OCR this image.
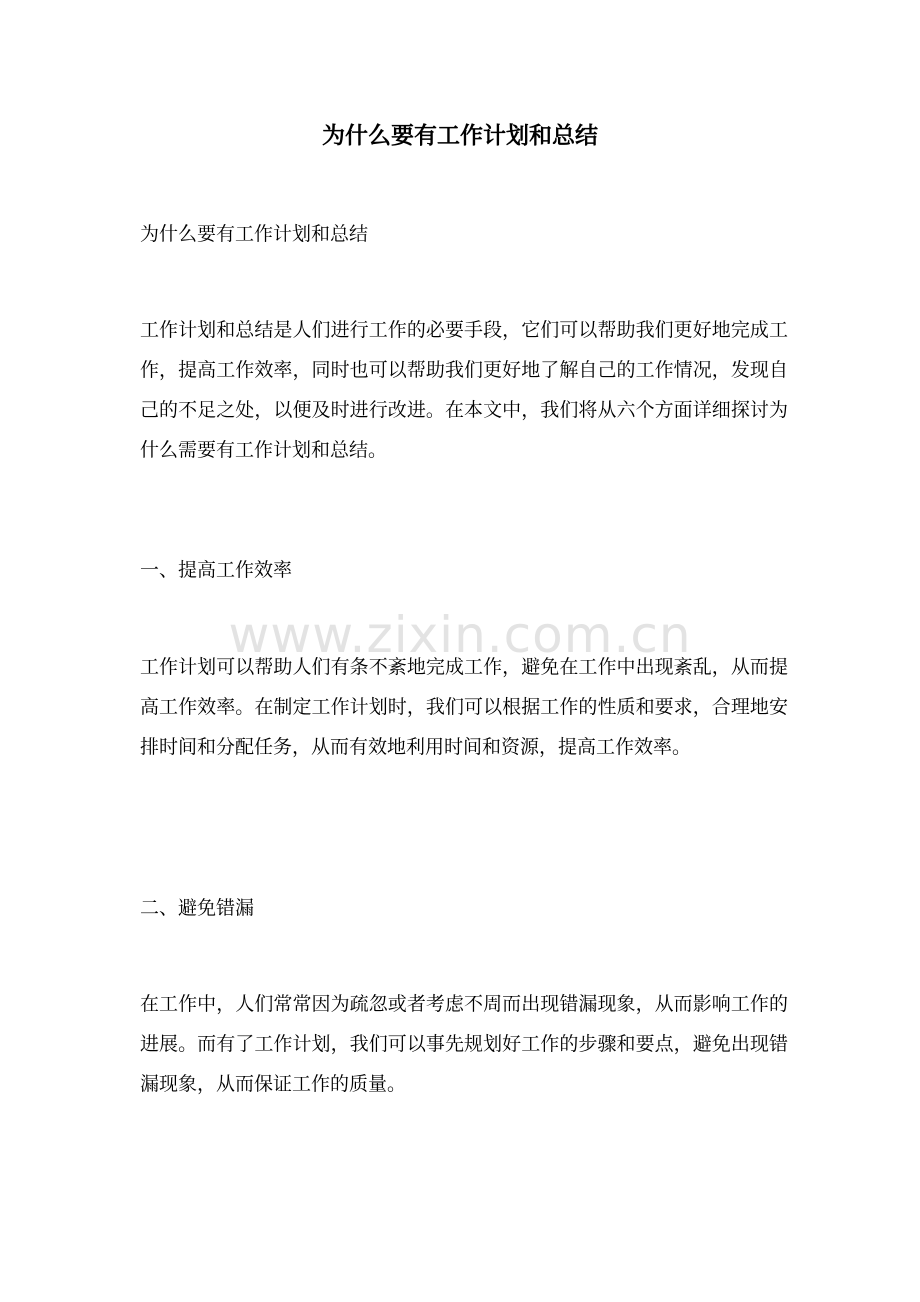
www.zixin.com.cn
为什么要有工作计划和总结

为什么要有工作计划和总结

工作计划和总结是人们进行工作的必要手段，它们可以帮助我们更好地完成工作，提高工作效率，同时也可以帮助我们更好地了解自己的工作情况，发现自己的不足之处，以便及时进行改进。在本文中，我们将从六个方面详细探讨为什么需要有工作计划和总结。

一、提高工作效率

工作计划可以帮助人们有条不紊地完成工作，避免在工作中出现紊乱，从而提高工作效率。在制定工作计划时，我们可以根据工作的性质和要求，合理地安排时间和分配任务，从而有效地利用时间和资源，提高工作效率。

二、避免错漏

在工作中，人们常常因为疏忽或者考虑不周而出现错漏现象，从而影响工作的进展。而有了工作计划，我们可以事先规划好工作的步骤和要点，避免出现错漏现象，从而保证工作的质量。
